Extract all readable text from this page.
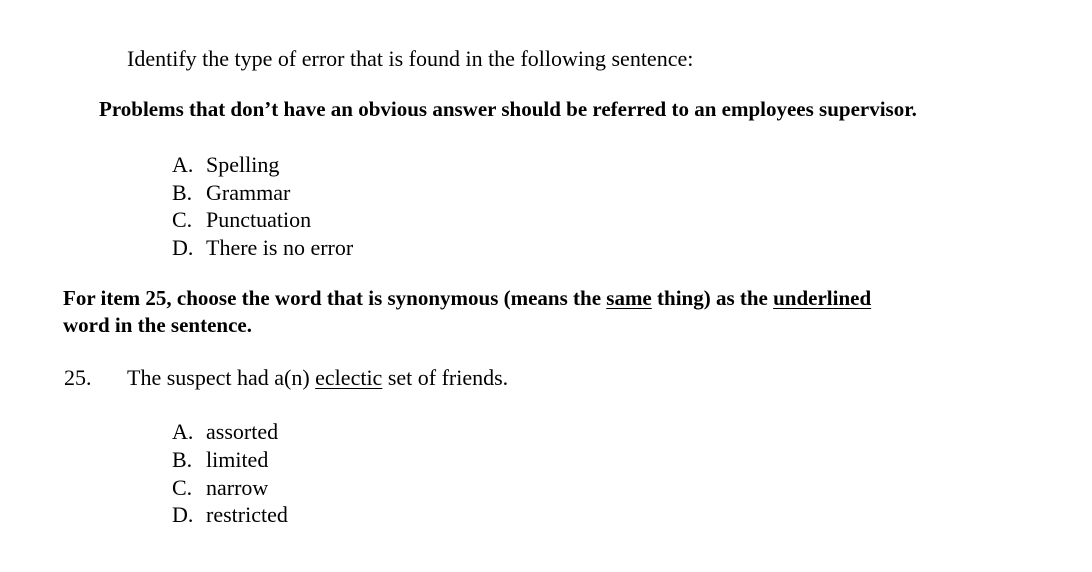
Identify the type of error that is found in the following sentence:
Problems that don’t have an obvious answer should be referred to an employees supervisor.
A. Spelling
B. Grammar
C. Punctuation
D. There is no error
For item 25, choose the word that is synonymous (means the same thing) as the underlined
word in the sentence.
25. The suspect had a(n) eclectic set of friends.
A. assorted
B. limited
C. narrow
D. restricted
